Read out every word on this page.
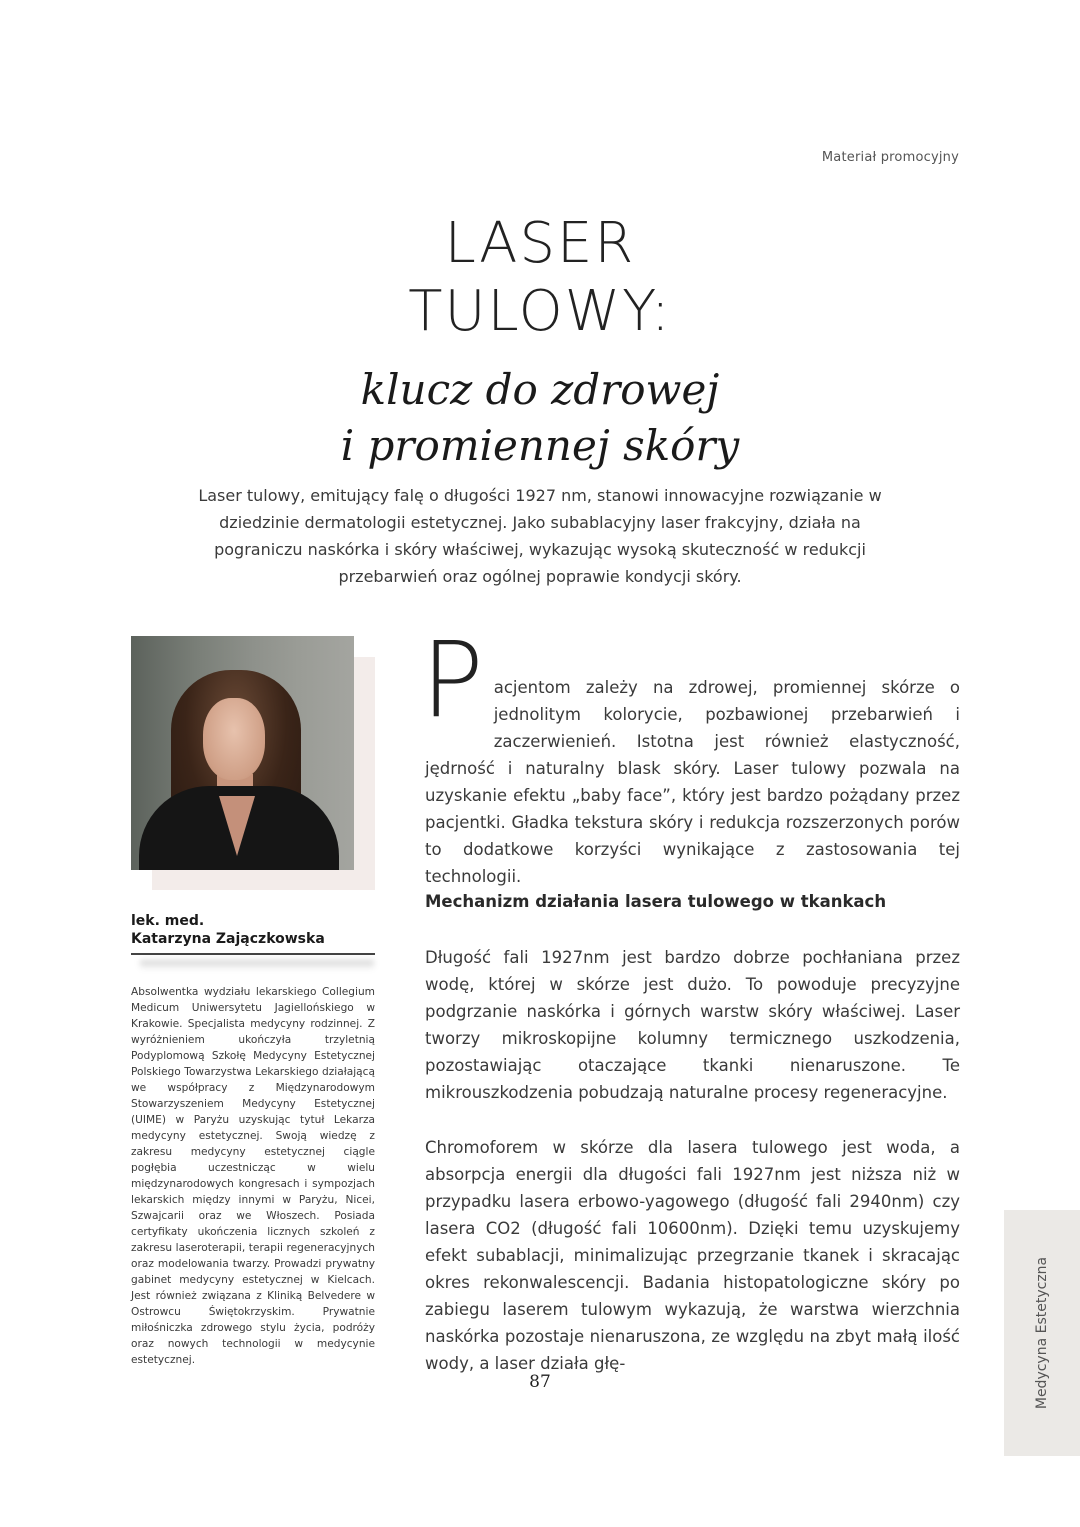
Materiał promocyjny
LASER
TULOWY:
klucz do zdrowej
i promiennej skóry

Laser tulowy, emitujący falę o długości 1927 nm, stanowi innowacyjne rozwiązanie w dziedzinie dermatologii estetycznej. Jako subablacyjny laser frakcyjny, działa na pograniczu naskórka i skóry właściwej, wykazując wysoką skuteczność w redukcji przebarwień oraz ogólnej poprawie kondycji skóry.

lek. med.
Katarzyna Zajączkowska

Absolwentka wydziału lekarskiego Collegium Medicum Uniwersytetu Jagiellońskiego w Krakowie. Specjalista medycyny rodzinnej. Z wyróżnieniem ukończyła trzyletnią Podyplomową Szkołę Medycyny Estetycznej Polskiego Towarzystwa Lekarskiego działającą we współpracy z Międzynarodowym Stowarzyszeniem Medycyny Estetycznej (UIME) w Paryżu uzyskując tytuł Lekarza medycyny estetycznej. Swoją wiedzę z zakresu medycyny estetycznej ciągle pogłębia uczestnicząc w wielu międzynarodowych kongresach i sympozjach lekarskich między innymi w Paryżu, Nicei, Szwajcarii oraz we Włoszech. Posiada certyfikaty ukończenia licznych szkoleń z zakresu laseroterapii, terapii regeneracyjnych oraz modelowania twarzy. Prowadzi prywatny gabinet medycyny estetycznej w Kielcach. Jest również związana z Kliniką Belvedere w Ostrowcu Świętokrzyskim. Prywatnie miłośniczka zdrowego stylu życia, podróży oraz nowych technologii w medycynie estetycznej.

P acjentom zależy na zdrowej, promiennej skórze o jednolitym kolorycie, pozbawionej przebarwień i zaczerwienień. Istotna jest również elastyczność, jędrność i naturalny blask skóry. Laser tulowy pozwala na uzyskanie efektu „baby face”, który jest bardzo pożądany przez pacjentki. Gładka tekstura skóry i redukcja rozszerzonych porów to dodatkowe korzyści wynikające z zastosowania tej technologii.

Mechanizm działania lasera tulowego w tkankach

Długość fali 1927nm jest bardzo dobrze pochłaniana przez wodę, której w skórze jest dużo. To powoduje precyzyjne podgrzanie naskórka i górnych warstw skóry właściwej. Laser tworzy mikroskopijne kolumny termicznego uszkodzenia, pozostawiając otaczające tkanki nienaruszone. Te mikrouszkodzenia pobudzają naturalne procesy regeneracyjne.

Chromoforem w skórze dla lasera tulowego jest woda, a absorpcja energii dla długości fali 1927nm jest niższa niż w przypadku lasera erbowo-yagowego (długość fali 2940nm) czy lasera CO2 (długość fali 10600nm). Dzięki temu uzyskujemy efekt subablacji, minimalizując przegrzanie tkanek i skracając okres rekonwalescencji. Badania histopatologiczne skóry po zabiegu laserem tulowym wykazują, że warstwa wierzchnia naskórka pozostaje nienaruszona, ze względu na zbyt małą ilość wody, a laser działa głę-

87	Medycyna Estetyczna
